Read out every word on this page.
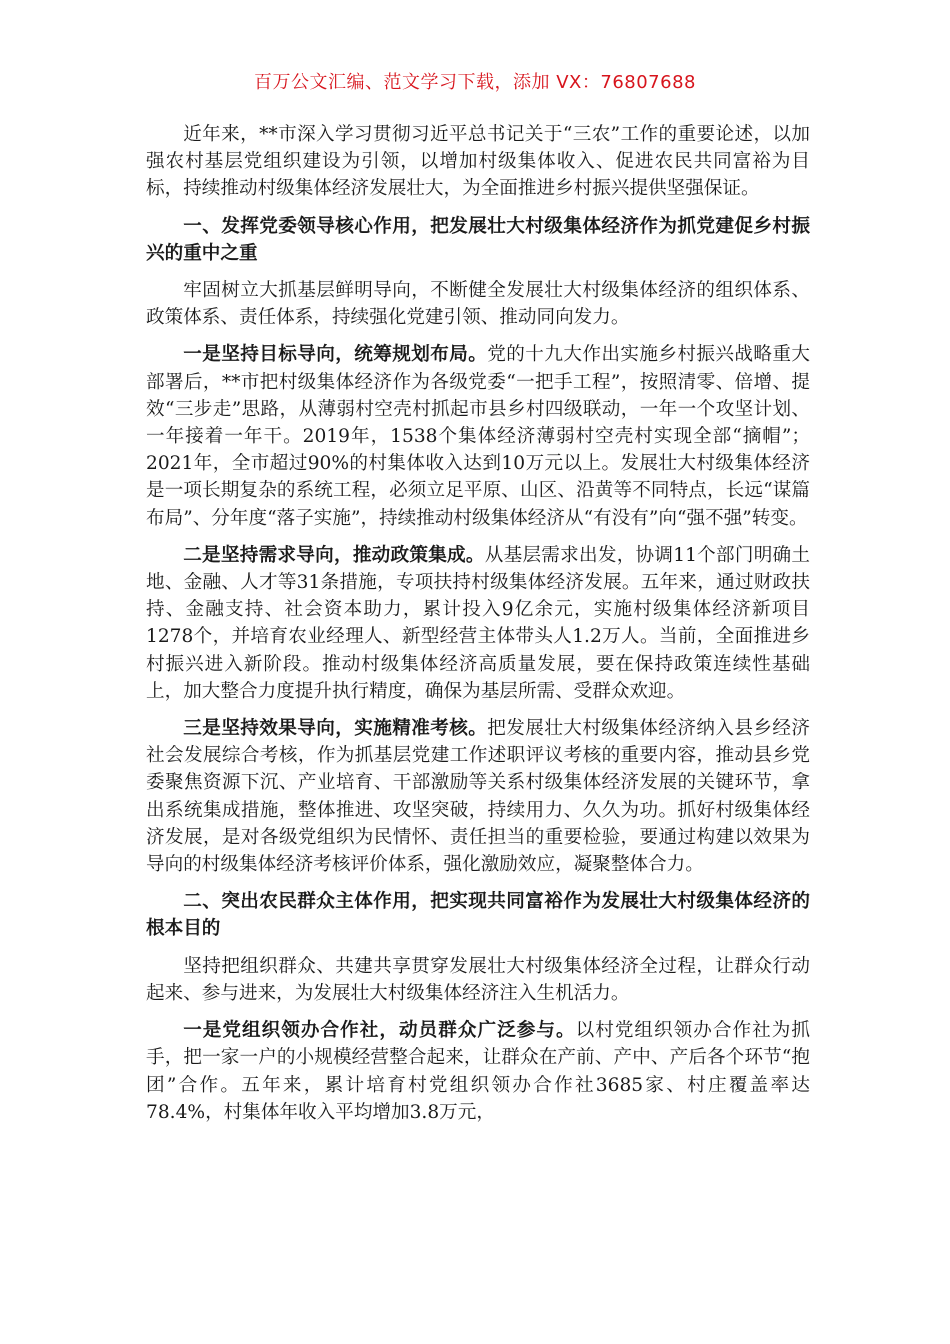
百万公文汇编、范文学习下载，添加 VX：76807688

近年来，**市深入学习贯彻习近平总书记关于“三农”工作的重要论述，以加强农村基层党组织建设为引领，以增加村级集体收入、促进农民共同富裕为目标，持续推动村级集体经济发展壮大，为全面推进乡村振兴提供坚强保证。

一、发挥党委领导核心作用，把发展壮大村级集体经济作为抓党建促乡村振兴的重中之重

牢固树立大抓基层鲜明导向，不断健全发展壮大村级集体经济的组织体系、政策体系、责任体系，持续强化党建引领、推动同向发力。

一是坚持目标导向，统筹规划布局。党的十九大作出实施乡村振兴战略重大部署后，**市把村级集体经济作为各级党委“一把手工程”，按照清零、倍增、提效“三步走”思路，从薄弱村空壳村抓起市县乡村四级联动，一年一个攻坚计划、一年接着一年干。2019年，1538个集体经济薄弱村空壳村实现全部“摘帽”；2021年，全市超过90%的村集体收入达到10万元以上。发展壮大村级集体经济是一项长期复杂的系统工程，必须立足平原、山区、沿黄等不同特点，长远“谋篇布局”、分年度“落子实施”，持续推动村级集体经济从“有没有”向“强不强”转变。

二是坚持需求导向，推动政策集成。从基层需求出发，协调11个部门明确土地、金融、人才等31条措施，专项扶持村级集体经济发展。五年来，通过财政扶持、金融支持、社会资本助力，累计投入9亿余元，实施村级集体经济新项目1278个，并培育农业经理人、新型经营主体带头人1.2万人。当前，全面推进乡村振兴进入新阶段。推动村级集体经济高质量发展，要在保持政策连续性基础上，加大整合力度提升执行精度，确保为基层所需、受群众欢迎。

三是坚持效果导向，实施精准考核。把发展壮大村级集体经济纳入县乡经济社会发展综合考核，作为抓基层党建工作述职评议考核的重要内容，推动县乡党委聚焦资源下沉、产业培育、干部激励等关系村级集体经济发展的关键环节，拿出系统集成措施，整体推进、攻坚突破，持续用力、久久为功。抓好村级集体经济发展，是对各级党组织为民情怀、责任担当的重要检验，要通过构建以效果为导向的村级集体经济考核评价体系，强化激励效应，凝聚整体合力。

二、突出农民群众主体作用，把实现共同富裕作为发展壮大村级集体经济的根本目的

坚持把组织群众、共建共享贯穿发展壮大村级集体经济全过程，让群众行动起来、参与进来，为发展壮大村级集体经济注入生机活力。

一是党组织领办合作社，动员群众广泛参与。以村党组织领办合作社为抓手，把一家一户的小规模经营整合起来，让群众在产前、产中、产后各个环节“抱团”合作。五年来，累计培育村党组织领办合作社3685家、村庄覆盖率达78.4%，村集体年收入平均增加3.8万元，
